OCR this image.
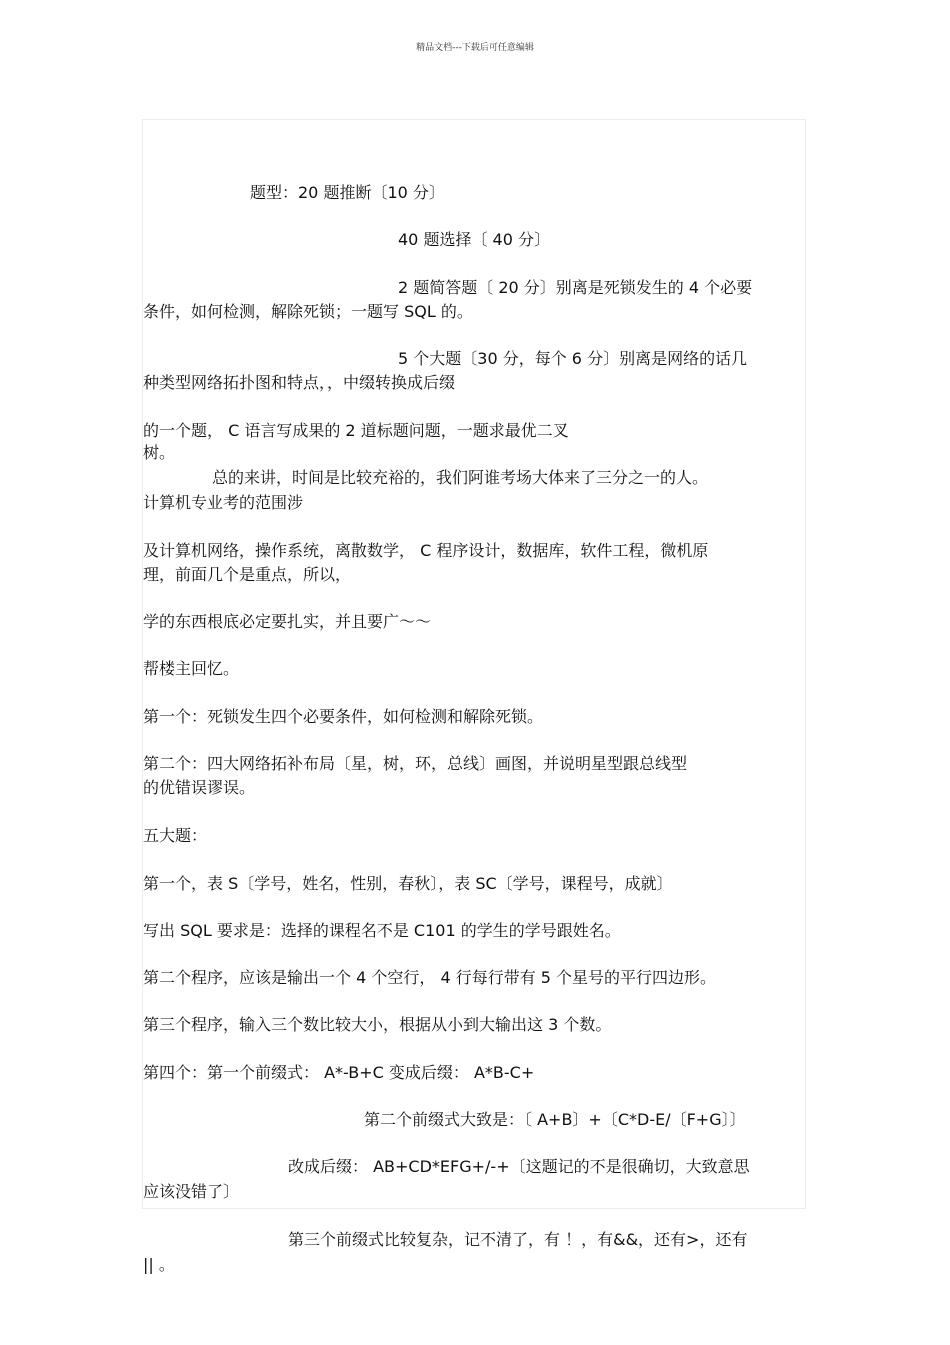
精品文档---下载后可任意编辑

题型：20 题推断〔10 分〕

40 题选择〔 40 分〕

2 题简答题〔 20 分〕别离是死锁发生的 4 个必要

条件，如何检测，解除死锁；一题写 SQL 的。

5 个大题〔30 分，每个 6 分〕别离是网络的话几

种类型网络拓扑图和特点，，中缀转换成后缀

的一个题， C 语言写成果的 2 道标题问题，一题求最优二叉

树。

总的来讲，时间是比较充裕的，我们阿谁考场大体来了三分之一的人。

计算机专业考的范围涉

及计算机网络，操作系统，离散数学， C 程序设计，数据库，软件工程，微机原

理，前面几个是重点，所以，

学的东西根底必定要扎实，并且要广～～

帮楼主回忆。

第一个：死锁发生四个必要条件，如何检测和解除死锁。

第二个：四大网络拓补布局〔星，树，环，总线〕画图，并说明星型跟总线型

的优错误谬误。

五大题：

第一个，表 S〔学号，姓名，性别，春秋〕，表 SC〔学号，课程号，成就〕

写出 SQL 要求是：选择的课程名不是 C101 的学生的学号跟姓名。

第二个程序，应该是输出一个 4 个空行， 4 行每行带有 5 个星号的平行四边形。

第三个程序，输入三个数比较大小，根据从小到大输出这 3 个数。

第四个：第一个前缀式： A*-B+C 变成后缀： A*B-C+

第二个前缀式大致是：〔 A+B〕+〔C*D-E/〔F+G〕〕

改成后缀： AB+CD*EFG+/-+〔这题记的不是很确切，大致意思

应该没错了〕

第三个前缀式比较复杂，记不清了，有 ！，有&&，还有>，还有

|| 。
